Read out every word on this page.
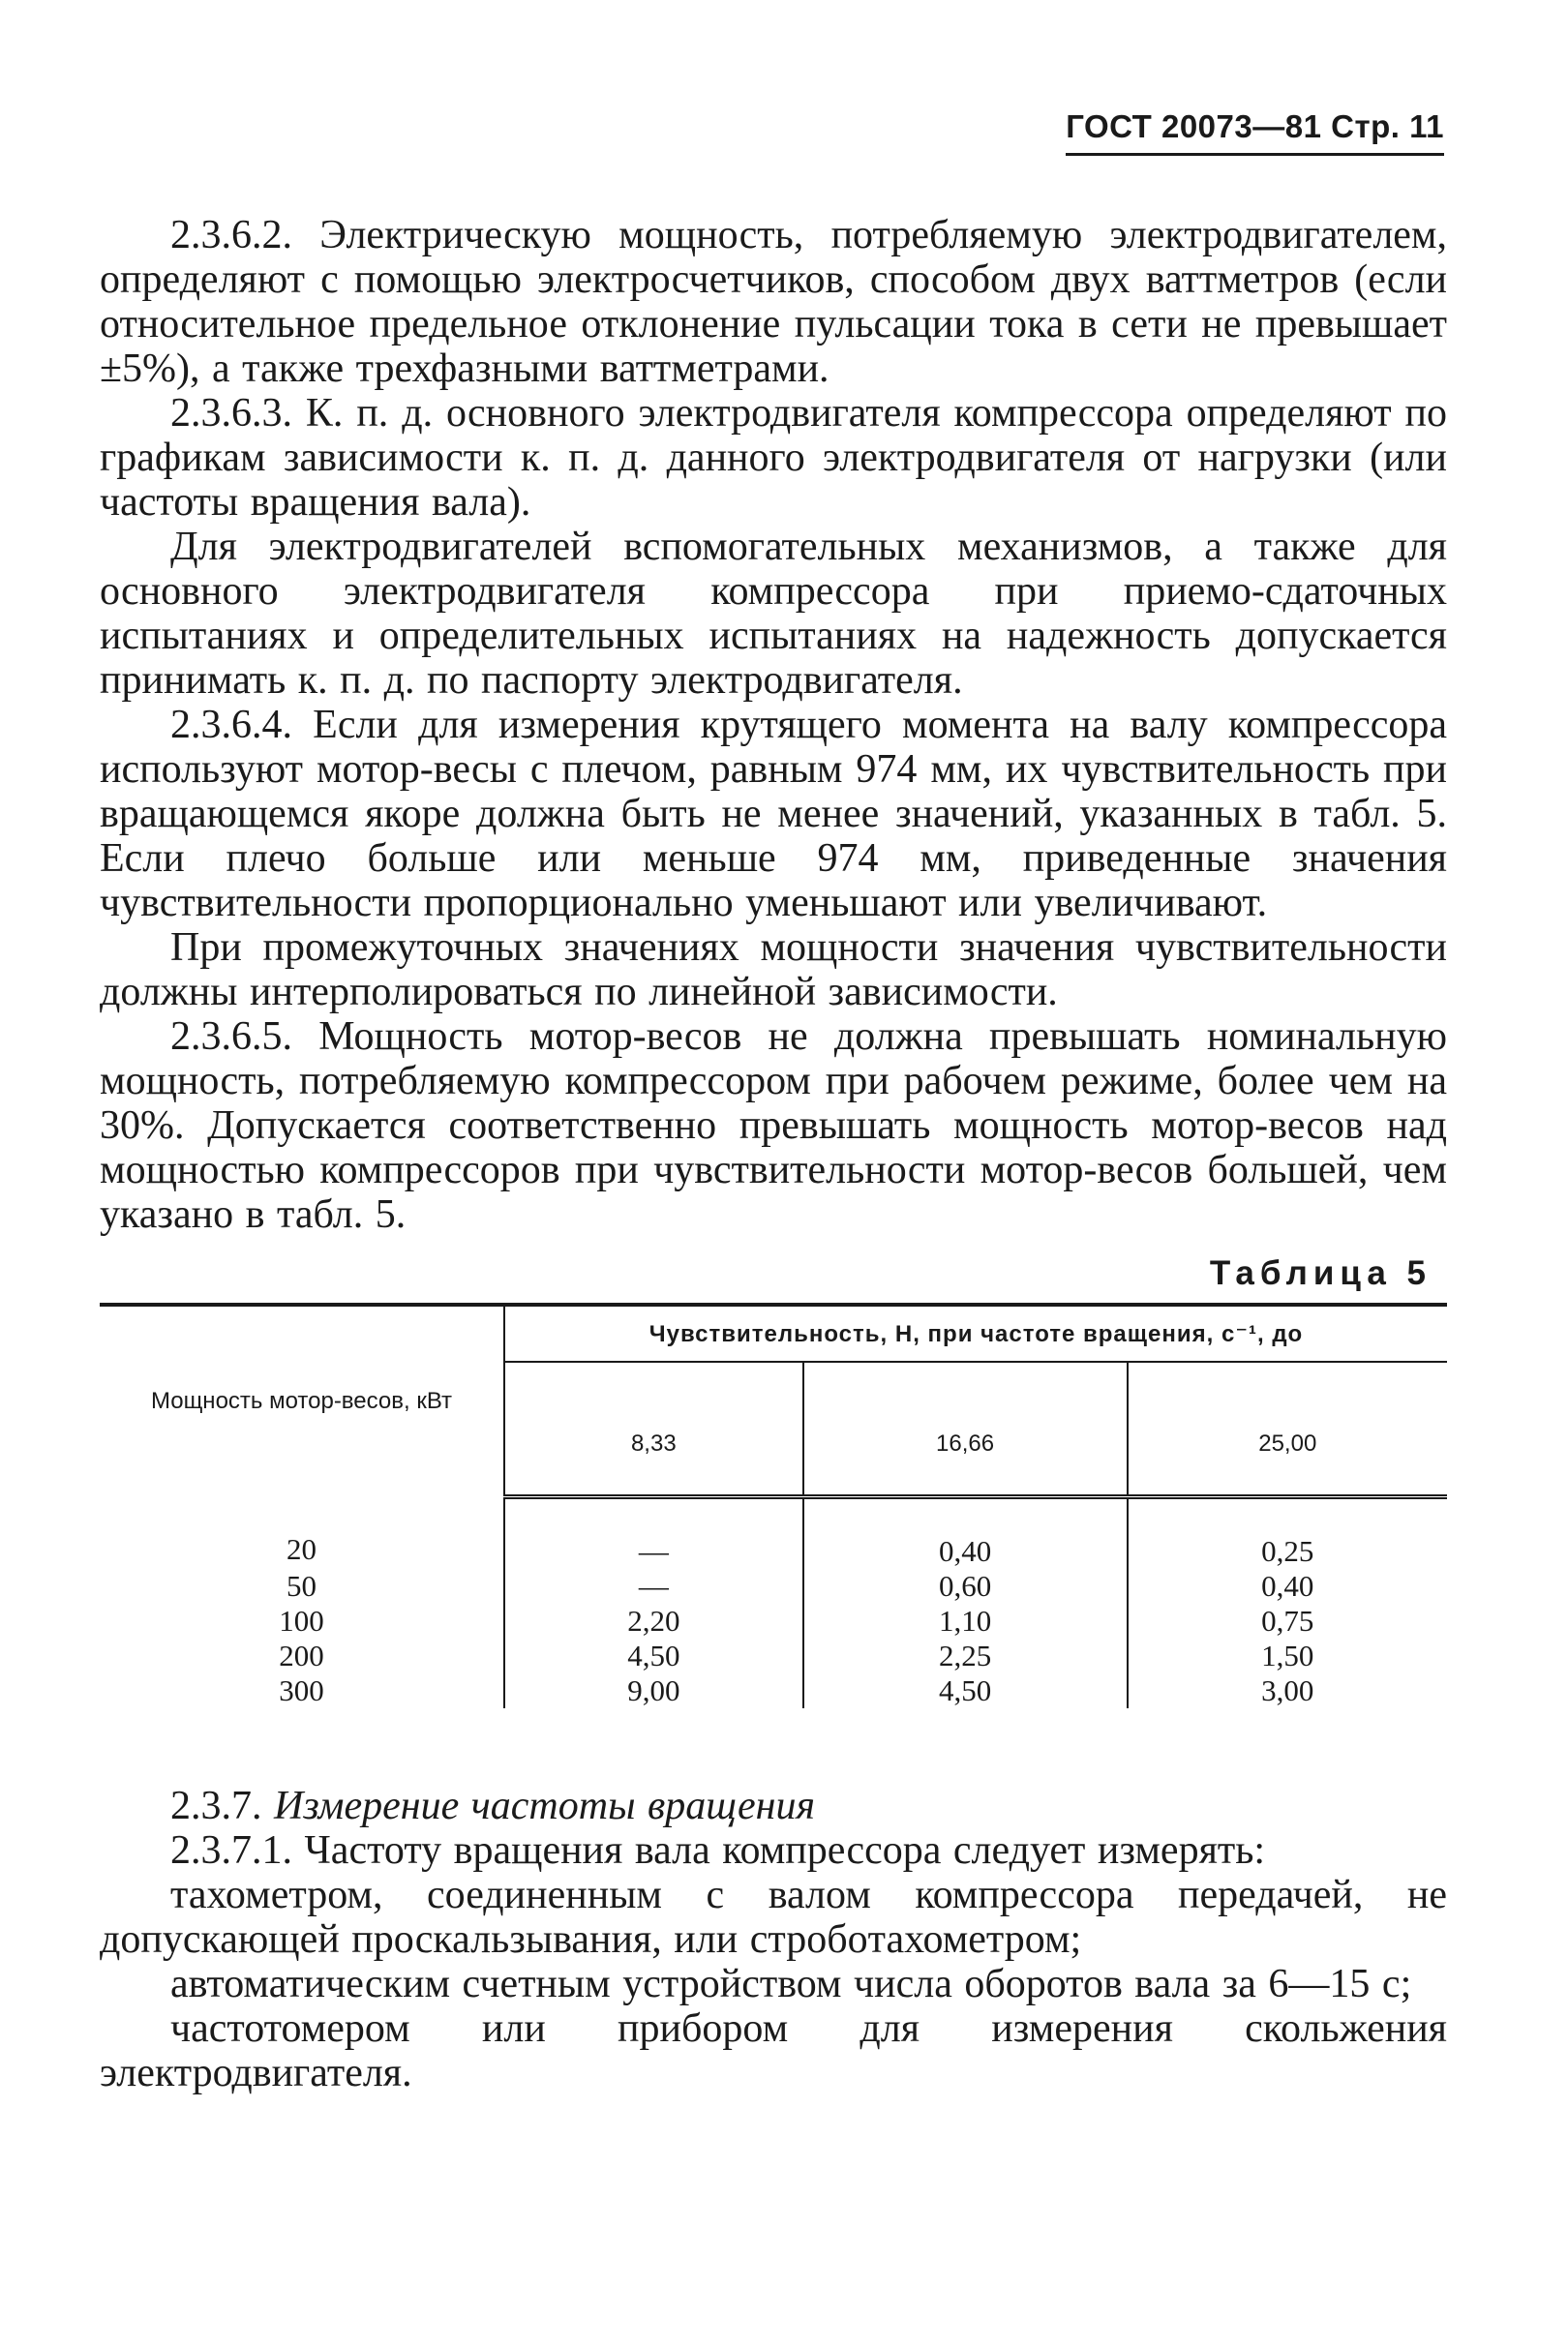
ГОСТ 20073—81 Стр. 11

2.3.6.2. Электрическую мощность, потребляемую электродвигателем, определяют с помощью электросчетчиков, способом двух ваттметров (если относительное предельное отклонение пульсации тока в сети не превышает ±5%), а также трехфазными ваттметрами.

2.3.6.3. К. п. д. основного электродвигателя компрессора определяют по графикам зависимости к. п. д. данного электродвигателя от нагрузки (или частоты вращения вала).

Для электродвигателей вспомогательных механизмов, а также для основного электродвигателя компрессора при приемо-сдаточных испытаниях и определительных испытаниях на надежность допускается принимать к. п. д. по паспорту электродвигателя.

2.3.6.4. Если для измерения крутящего момента на валу компрессора используют мотор-весы с плечом, равным 974 мм, их чувствительность при вращающемся якоре должна быть не менее значений, указанных в табл. 5. Если плечо больше или меньше 974 мм, приведенные значения чувствительности пропорционально уменьшают или увеличивают.

При промежуточных значениях мощности значения чувствительности должны интерполироваться по линейной зависимости.

2.3.6.5. Мощность мотор-весов не должна превышать номинальную мощность, потребляемую компрессором при рабочем режиме, более чем на 30%. Допускается соответственно превышать мощность мотор-весов над мощностью компрессоров при чувствительности мотор-весов большей, чем указано в табл. 5.

Таблица 5
Мощность мотор-весов, кВт	Чувствительность, Н, при частоте вращения, с⁻¹, до		
	8,33	16,66	25,00
20	—	0,40	0,25
50	—	0,60	0,40
100	2,20	1,10	0,75
200	4,50	2,25	1,50
300	9,00	4,50	3,00

2.3.7. Измерение частоты вращения

2.3.7.1. Частоту вращения вала компрессора следует измерять:

тахометром, соединенным с валом компрессора передачей, не допускающей проскальзывания, или стробoтахометром;

автоматическим счетным устройством числа оборотов вала за 6—15 с;

частотомером или прибором для измерения скольжения электродвигателя.
